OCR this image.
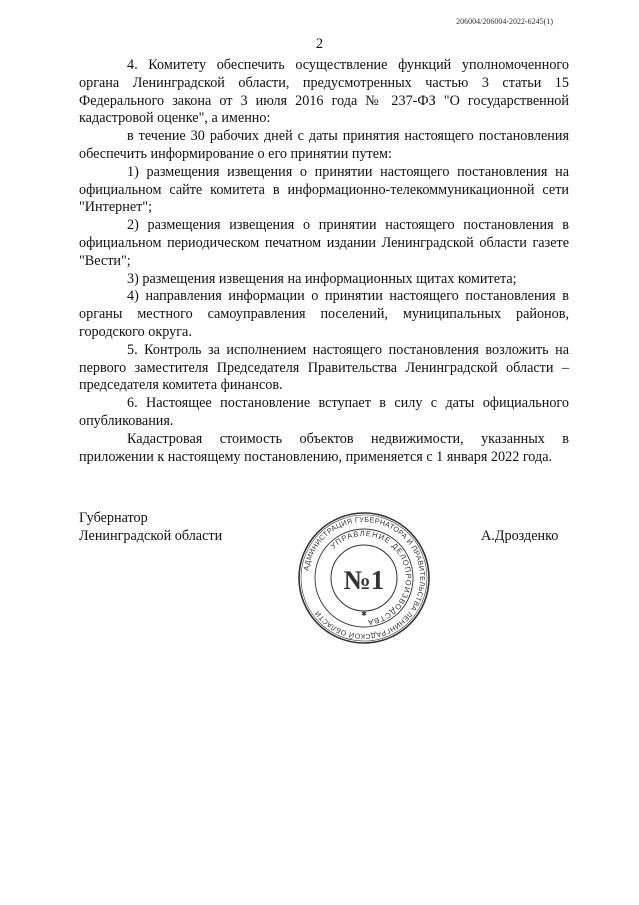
206004/206004-2022-6245(1)
2

4. Комитету обеспечить осуществление функций уполномоченного органа Ленинградской области, предусмотренных частью 3 статьи 15 Федерального закона от 3 июля 2016 года № 237-ФЗ "О государственной кадастровой оценке", а именно:

в течение 30 рабочих дней с даты принятия настоящего постановления обеспечить информирование о его принятии путем:

1) размещения извещения о принятии настоящего постановления на официальном сайте комитета в информационно-телекоммуникационной сети "Интернет";

2) размещения извещения о принятии настоящего постановления в официальном периодическом печатном издании Ленинградской области газете "Вести";

3) размещения извещения на информационных щитах комитета;

4) направления информации о принятии настоящего постановления в органы местного самоуправления поселений, муниципальных районов, городского округа.

5. Контроль за исполнением настоящего постановления возложить на первого заместителя Председателя Правительства Ленинградской области – председателя комитета финансов.

6. Настоящее постановление вступает в силу с даты официального опубликования.

Кадастровая стоимость объектов недвижимости, указанных в приложении к настоящему постановлению, применяется с 1 января 2022 года.

Губернатор
Ленинградской области	А.Дрозденко
АДМИНИСТРАЦИЯ ГУБЕРНАТОРА И ПРАВИТЕЛЬСТВА ЛЕНИНГРАДСКОЙ ОБЛАСТИ
УПРАВЛЕНИЕ ДЕЛОПРОИЗВОДСТВА
№1
✱
